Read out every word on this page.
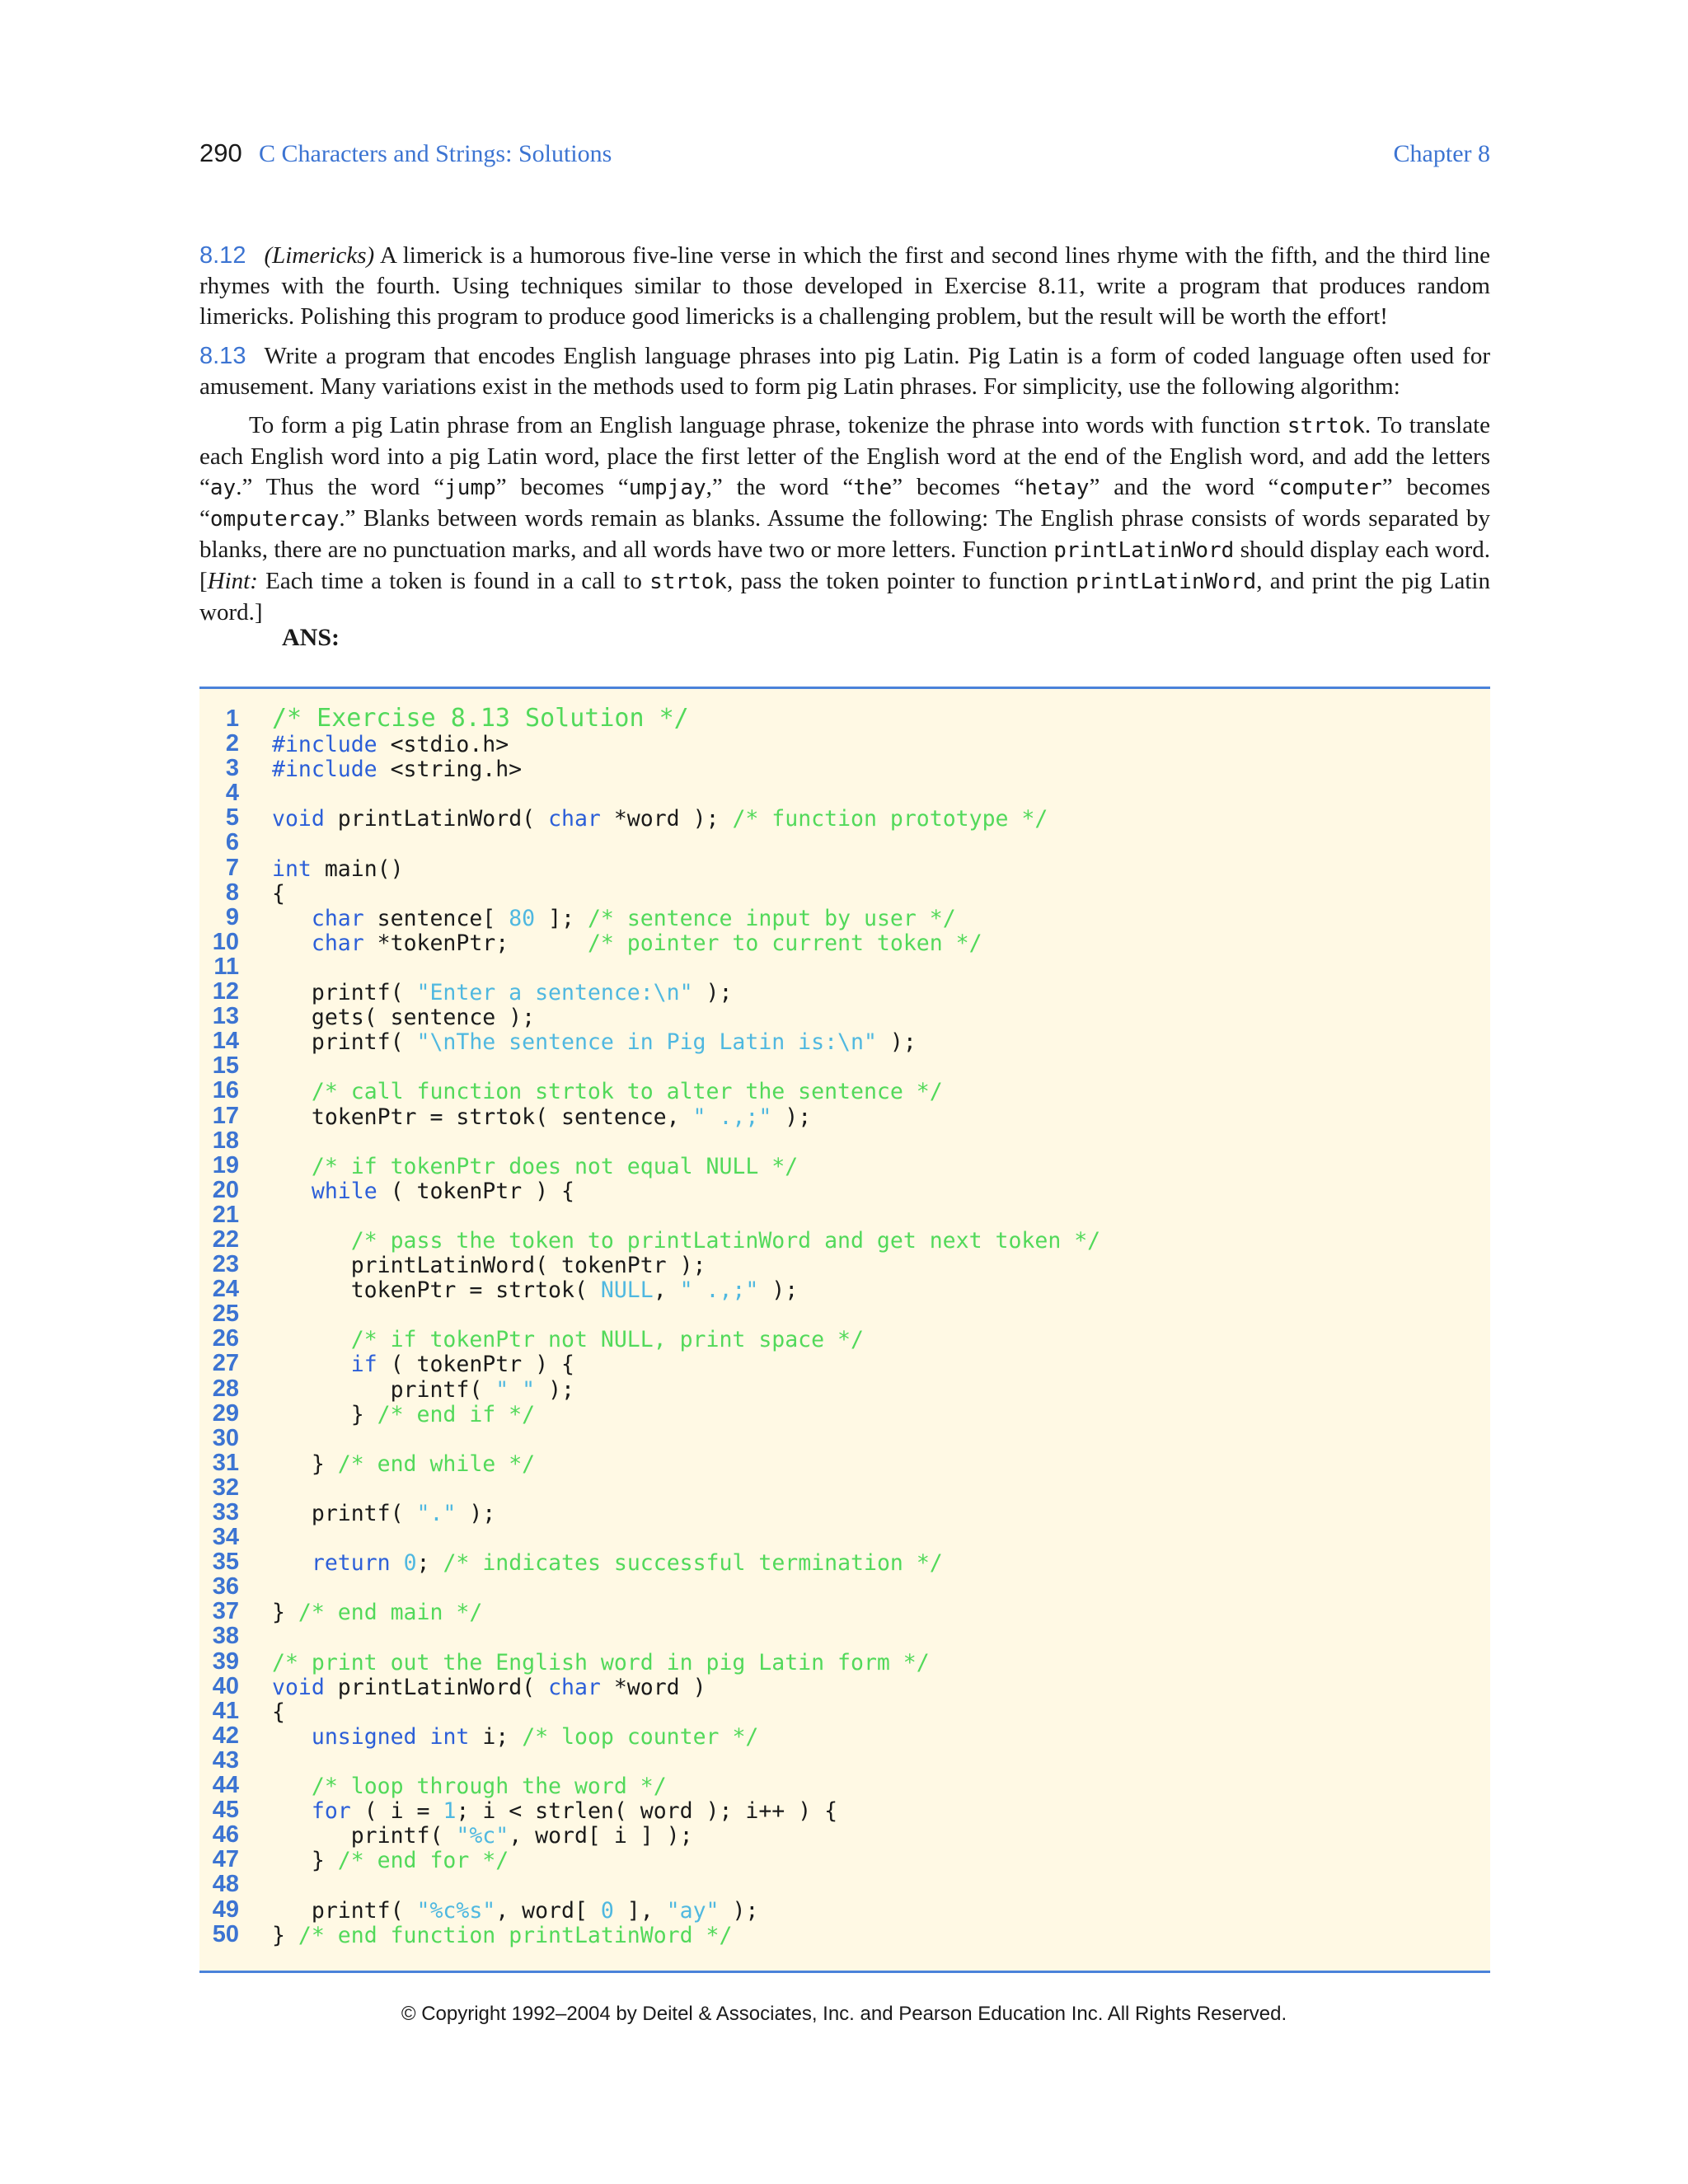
290 C Characters and Strings: Solutions	Chapter 8
8.12 (Limericks) A limerick is a humorous five-line verse in which the first and second lines rhyme with the fifth, and the third line rhymes with the fourth. Using techniques similar to those developed in Exercise 8.11, write a program that produces random limericks. Polishing this program to produce good limericks is a challenging problem, but the result will be worth the effort!
8.13 Write a program that encodes English language phrases into pig Latin. Pig Latin is a form of coded language often used for amusement. Many variations exist in the methods used to form pig Latin phrases. For simplicity, use the following algorithm:
To form a pig Latin phrase from an English language phrase, tokenize the phrase into words with function strtok. To translate each English word into a pig Latin word, place the first letter of the English word at the end of the English word, and add the letters “ay.” Thus the word “jump” becomes “umpjay,” the word “the” becomes “hetay” and the word “computer” becomes “omputercay.” Blanks between words remain as blanks. Assume the following: The English phrase consists of words separated by blanks, there are no punctuation marks, and all words have two or more letters. Function printLatinWord should display each word. [Hint: Each time a token is found in a call to strtok, pass the token pointer to function printLatinWord, and print the pig Latin word.]
ANS:
1 /* Exercise 8.13 Solution */
2 #include <stdio.h>
3 #include <string.h>
4
5 void printLatinWord( char *word ); /* function prototype */
6
7 int main()
8 {
9	char sentence[ 80 ]; /* sentence input by user */
10	char *tokenPtr;      /* pointer to current token */
11
12 printf( "Enter a sentence:\n" );
13 gets( sentence );
14 printf( "\nThe sentence in Pig Latin is:\n" );
15
16	/* call function strtok to alter the sentence */
17 tokenPtr = strtok( sentence, " .,;" );
18
19	/* if tokenPtr does not equal NULL */
20	while ( tokenPtr ) {
21
22	/* pass the token to printLatinWord and get next token */
23 printLatinWord( tokenPtr );
24 tokenPtr = strtok( NULL, " .,;" );
25
26	/* if tokenPtr not NULL, print space */
27	if ( tokenPtr ) {
28 printf( " " );
29 } /* end if */
30
31 } /* end while */
32
33 printf( "." );
34
35	return 0; /* indicates successful termination */
36
37 } /* end main */
38
39 /* print out the English word in pig Latin form */
40 void printLatinWord( char *word )
41 {
42	unsigned int i; /* loop counter */
43
44	/* loop through the word */
45	for ( i = 1; i < strlen( word ); i++ ) {
46 printf( "%c", word[ i ] );
47 } /* end for */
48
49 printf( "%c%s", word[ 0 ], "ay" );
50 } /* end function printLatinWord */
© Copyright 1992–2004 by Deitel & Associates, Inc. and Pearson Education Inc. All Rights Reserved.
